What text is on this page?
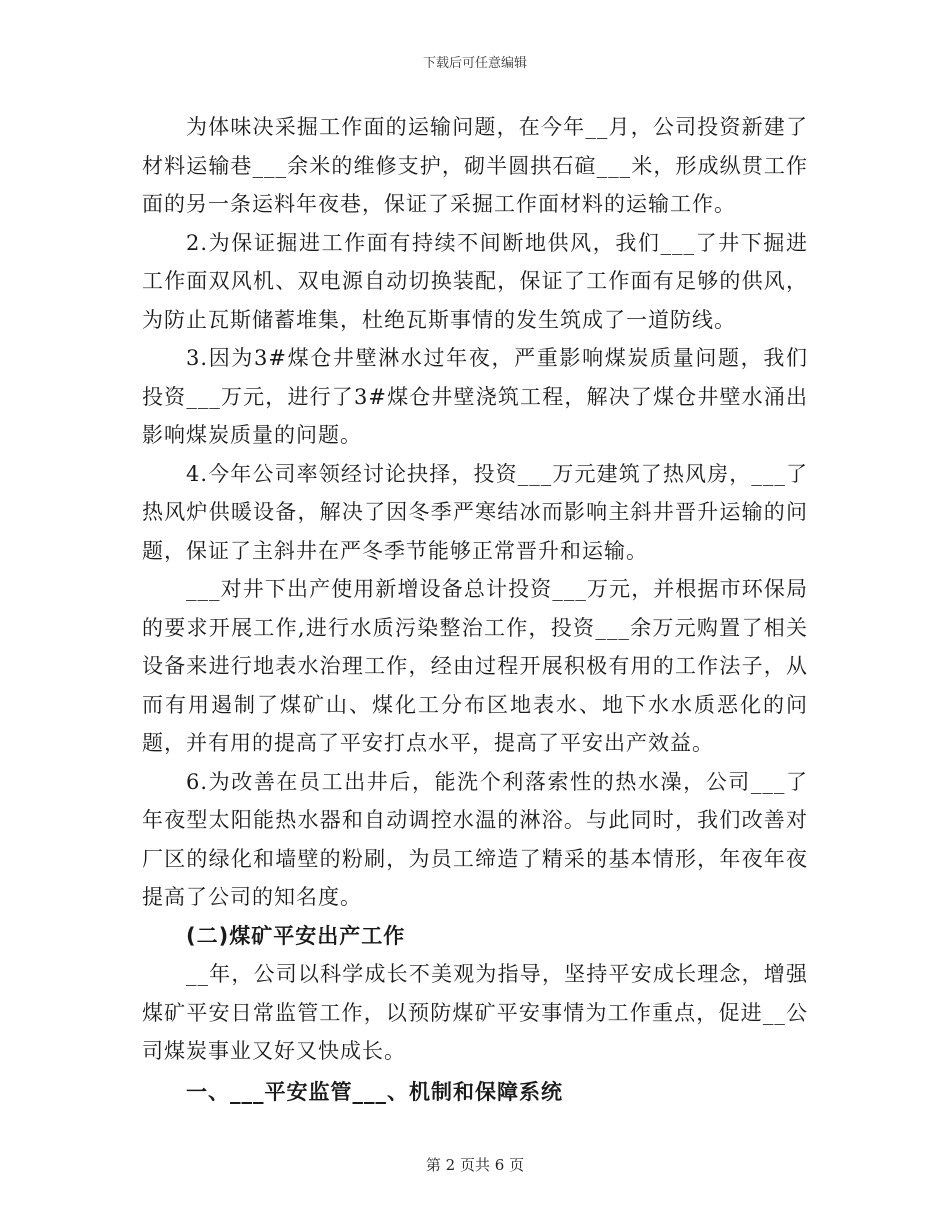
下载后可任意编辑

为体味决采掘工作面的运输问题，在今年__月，公司投资新建了材料运输巷___余米的维修支护，砌半圆拱石碹___米，形成纵贯工作面的另一条运料年夜巷，保证了采掘工作面材料的运输工作。

2.为保证掘进工作面有持续不间断地供风，我们___了井下掘进工作面双风机、双电源自动切换装配，保证了工作面有足够的供风，为防止瓦斯储蓄堆集，杜绝瓦斯事情的发生筑成了一道防线。

3.因为3#煤仓井壁淋水过年夜，严重影响煤炭质量问题，我们投资___万元，进行了3#煤仓井壁浇筑工程，解决了煤仓井壁水涌出影响煤炭质量的问题。

4.今年公司率领经讨论抉择，投资___万元建筑了热风房，___了热风炉供暖设备，解决了因冬季严寒结冰而影响主斜井晋升运输的问题，保证了主斜井在严冬季节能够正常晋升和运输。

___对井下出产使用新增设备总计投资___万元，并根据市环保局的要求开展工作,进行水质污染整治工作，投资___余万元购置了相关设备来进行地表水治理工作，经由过程开展积极有用的工作法子，从而有用遏制了煤矿山、煤化工分布区地表水、地下水水质恶化的问题，并有用的提高了平安打点水平，提高了平安出产效益。

6.为改善在员工出井后，能洗个利落索性的热水澡，公司___了年夜型太阳能热水器和自动调控水温的淋浴。与此同时，我们改善对厂区的绿化和墙壁的粉刷，为员工缔造了精采的基本情形，年夜年夜提高了公司的知名度。

(二)煤矿平安出产工作

__年，公司以科学成长不美观为指导，坚持平安成长理念，增强煤矿平安日常监管工作，以预防煤矿平安事情为工作重点，促进__公司煤炭事业又好又快成长。

一、___平安监管___、机制和保障系统

第 2 页共 6 页
